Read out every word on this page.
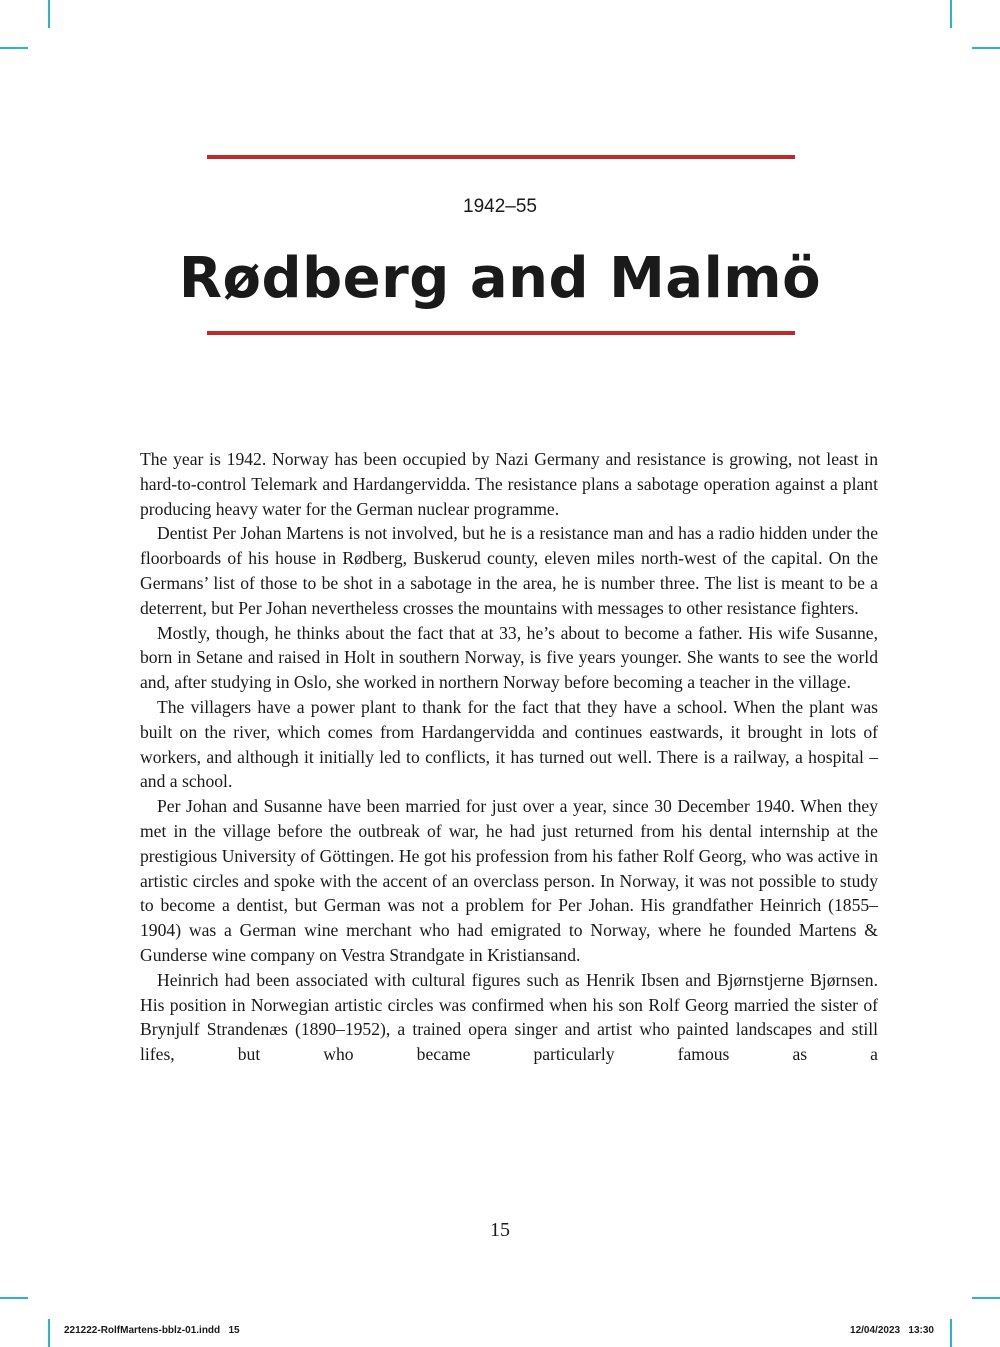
1942–55
Rødberg and Malmö

The year is 1942. Norway has been occupied by Nazi Germany and resistance is growing, not least in hard-to-control Telemark and Hardangervidda. The resistance plans a sabotage operation against a plant producing heavy water for the German nuclear programme.

Dentist Per Johan Martens is not involved, but he is a resistance man and has a radio hidden under the floorboards of his house in Rødberg, Buskerud county, eleven miles north-west of the capital. On the Germans’ list of those to be shot in a sabotage in the area, he is number three. The list is meant to be a deterrent, but Per Johan nevertheless crosses the mountains with messages to other resistance fighters.

Mostly, though, he thinks about the fact that at 33, he’s about to become a father. His wife Susanne, born in Setane and raised in Holt in southern Norway, is five years younger. She wants to see the world and, after studying in Oslo, she worked in northern Norway before becoming a teacher in the village.

The villagers have a power plant to thank for the fact that they have a school. When the plant was built on the river, which comes from Hardangervidda and continues eastwards, it brought in lots of workers, and although it initially led to conflicts, it has turned out well. There is a railway, a hospital – and a school.

Per Johan and Susanne have been married for just over a year, since 30 December 1940. When they met in the village before the outbreak of war, he had just returned from his dental internship at the prestigious University of Göttingen. He got his profession from his father Rolf Georg, who was active in artistic circles and spoke with the accent of an overclass person. In Norway, it was not possible to study to become a dentist, but German was not a problem for Per Johan. His grandfather Heinrich (1855–1904) was a German wine merchant who had emigrated to Norway, where he founded Martens & Gunderse wine company on Vestra Strandgate in Kristiansand.

Heinrich had been associated with cultural figures such as Henrik Ibsen and Bjørnstjerne Bjørnsen. His position in Norwegian artistic circles was confirmed when his son Rolf Georg married the sister of Brynjulf Strandenæs (1890–1952), a trained opera singer and artist who painted landscapes and still lifes, but who became particularly famous as a

15
221222-RolfMartens-bblz-01.indd   15	12/04/2023   13:30
